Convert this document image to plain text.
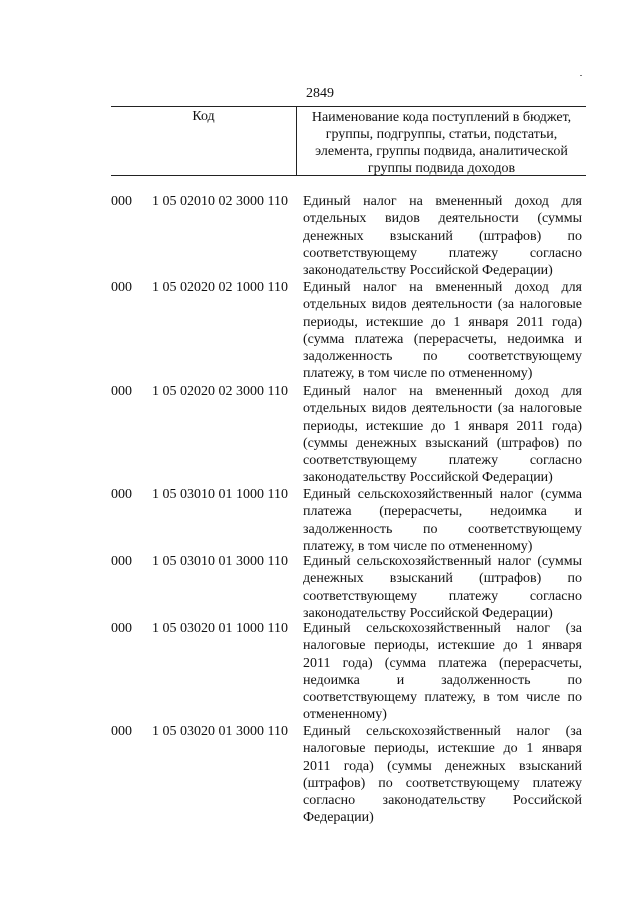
2849
Код	Наименование кода поступлений в бюджет, группы, подгруппы, статьи, подстатьи, элемента, группы подвида, аналитической группы подвида доходов
000 1 05 02010 02 3000 110 Единый налог на вмененный доход для отдельных видов деятельности (суммы денежных взысканий (штрафов) по соответствующему платежу согласно законодательству Российской Федерации)
000 1 05 02020 02 1000 110 Единый налог на вмененный доход для отдельных видов деятельности (за налоговые периоды, истекшие до 1 января 2011 года) (сумма платежа (перерасчеты, недоимка и задолженность по соответствующему платежу, в том числе по отмененному)
000 1 05 02020 02 3000 110 Единый налог на вмененный доход для отдельных видов деятельности (за налоговые периоды, истекшие до 1 января 2011 года) (суммы денежных взысканий (штрафов) по соответствующему платежу согласно законодательству Российской Федерации)
000 1 05 03010 01 1000 110 Единый сельскохозяйственный налог (сумма платежа (перерасчеты, недоимка и задолженность по соответствующему платежу, в том числе по отмененному)
000 1 05 03010 01 3000 110 Единый сельскохозяйственный налог (суммы денежных взысканий (штрафов) по соответствующему платежу согласно законодательству Российской Федерации)
000 1 05 03020 01 1000 110 Единый сельскохозяйственный налог (за налоговые периоды, истекшие до 1 января 2011 года) (сумма платежа (перерасчеты, недоимка и задолженность по соответствующему платежу, в том числе по отмененному)
000 1 05 03020 01 3000 110 Единый сельскохозяйственный налог (за налоговые периоды, истекшие до 1 января 2011 года) (суммы денежных взысканий (штрафов) по соответствующему платежу согласно законодательству Российской Федерации)
